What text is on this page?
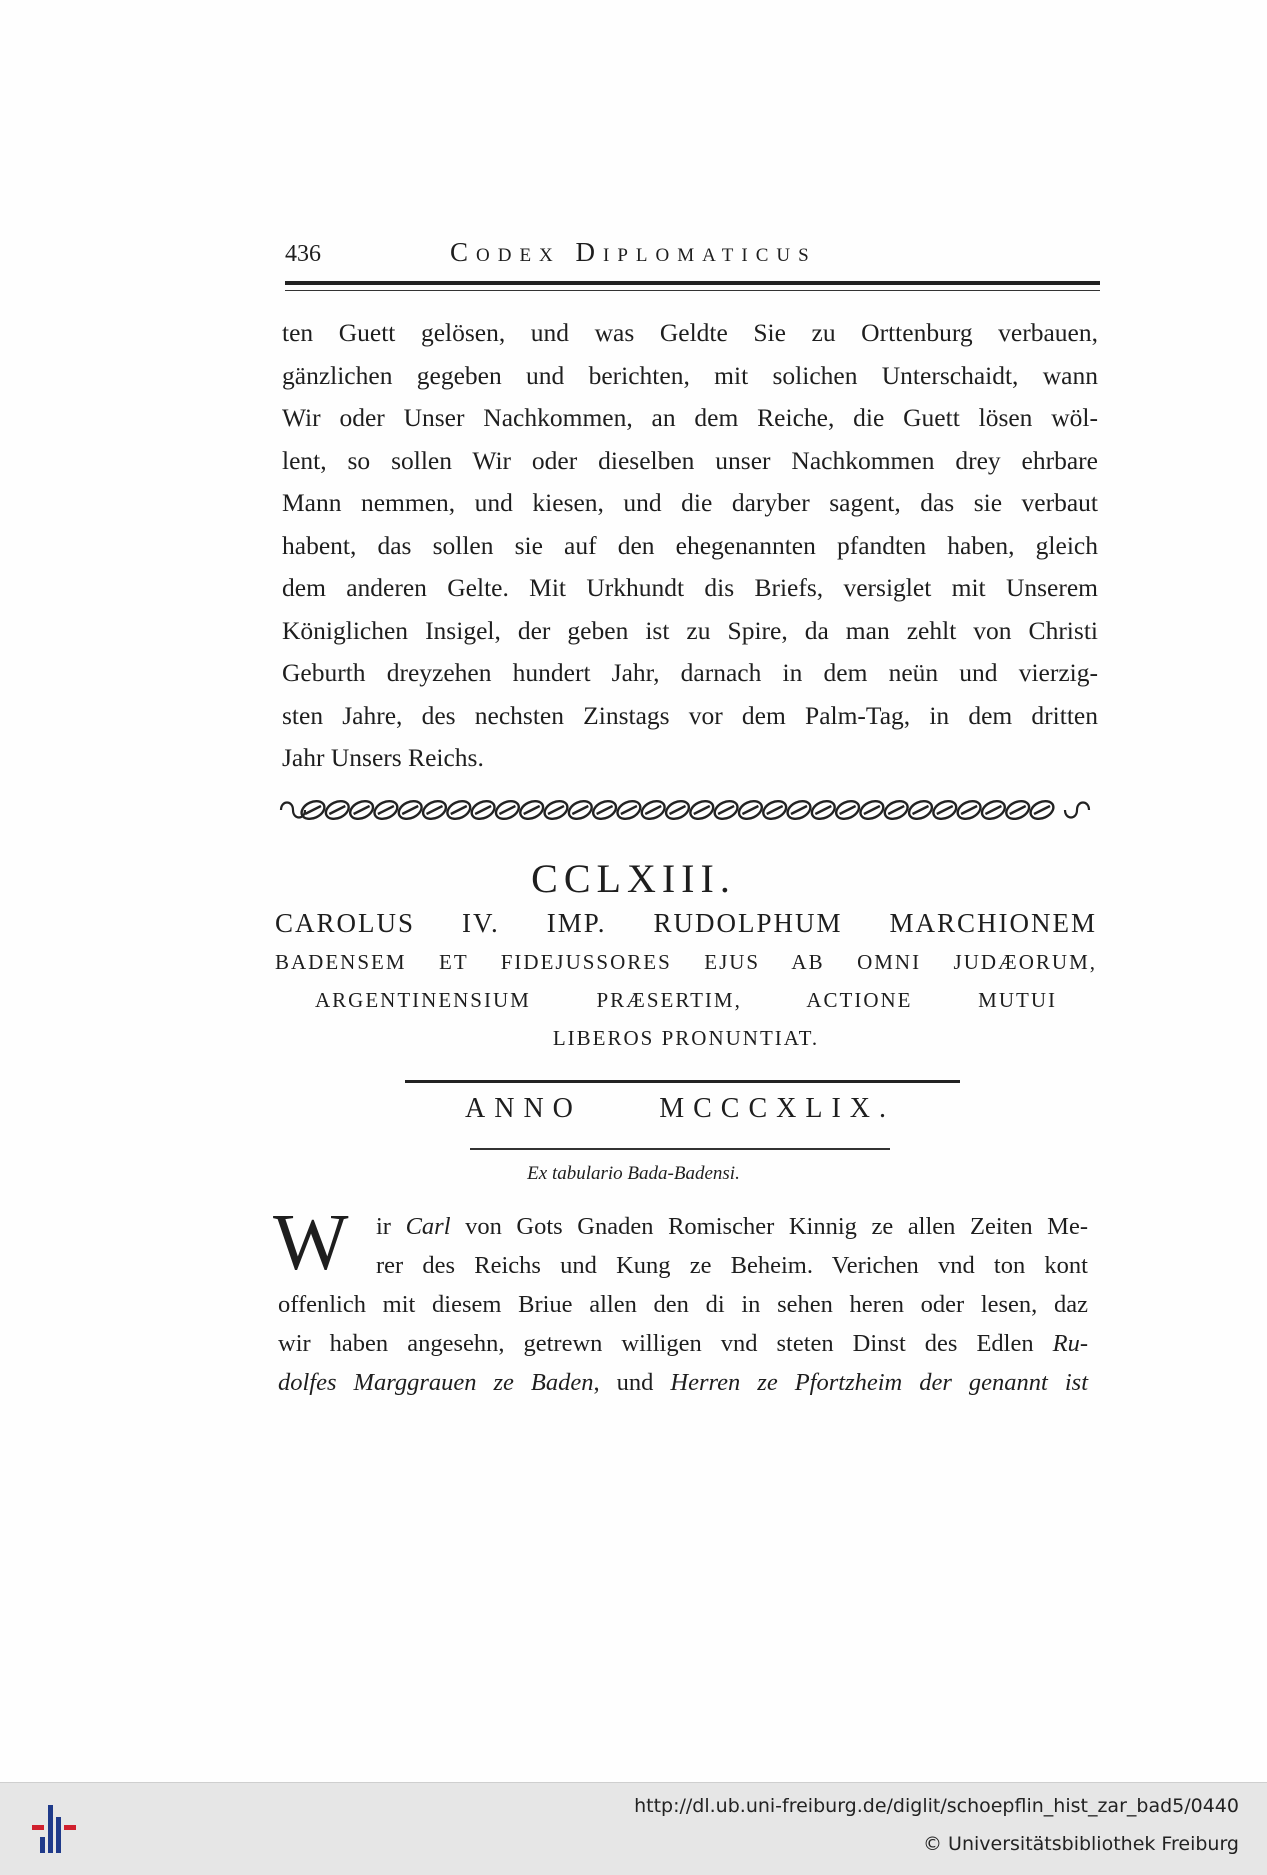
436	Codex Diplomaticus
ten Guett gelösen, und was Geldte Sie zu Orttenburg verbauen,
gänzlichen gegeben und berichten, mit solichen Unterschaidt, wann
Wir oder Unser Nachkommen, an dem Reiche, die Guett lösen wöl-
lent, so sollen Wir oder dieselben unser Nachkommen drey ehrbare
Mann nemmen, und kiesen, und die daryber sagent, das sie verbaut
habent, das sollen sie auf den ehegenannten pfandten haben, gleich
dem anderen Gelte. Mit Urkhundt dis Briefs, versiglet mit Unserem
Königlichen Insigel, der geben ist zu Spire, da man zehlt von Christi
Geburth dreyzehen hundert Jahr, darnach in dem neün und vierzig-
sten Jahre, des nechsten Zinstags vor dem Palm-Tag, in dem dritten
Jahr Unsers Reichs.
CCLXIII.
CAROLUS IV. IMP. RUDOLPHUM MARCHIONEM
BADENSEM ET FIDEJUSSORES EJUS AB OMNI JUDÆORUM,
ARGENTINENSIUM PRÆSERTIM, ACTIONE MUTUI
LIBEROS PRONUNTIAT.
ANNO	MCCCXLIX.
Ex tabulario Bada-Badensi.
W ir Carl von Gots Gnaden Romischer Kinnig ze allen Zeiten Me-
rer des Reichs und Kung ze Beheim. Verichen vnd ton kont
offenlich mit diesem Briue allen den di in sehen heren oder lesen, daz
wir haben angesehn, getrewn willigen vnd steten Dinst des Edlen Ru-
dolfes Marggrauen ze Baden, und Herren ze Pfortzheim der genannt ist
http://dl.ub.uni-freiburg.de/diglit/schoepflin_hist_zar_bad5/0440
© Universitätsbibliothek Freiburg
